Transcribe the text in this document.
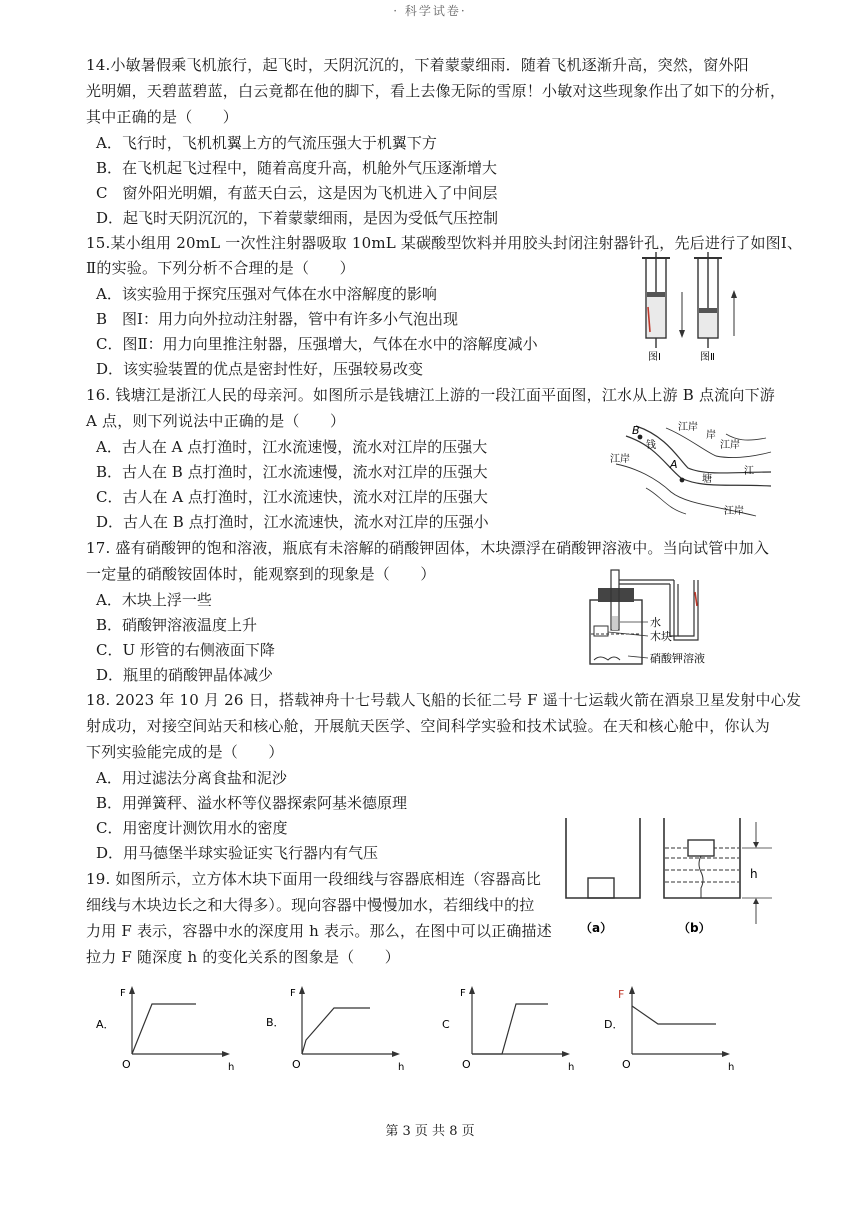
· 科学试卷·
14.小敏暑假乘飞机旅行，起飞时，天阴沉沉的，下着蒙蒙细雨．随着飞机逐渐升高，突然，窗外阳
光明媚，天碧蓝碧蓝，白云竟都在他的脚下，看上去像无际的雪原！小敏对这些现象作出了如下的分析，
其中正确的是（　　）
A．飞行时，飞机机翼上方的气流压强大于机翼下方
B．在飞机起飞过程中，随着高度升高，机舱外气压逐渐增大
C　窗外阳光明媚，有蓝天白云，这是因为飞机进入了中间层
D．起飞时天阴沉沉的，下着蒙蒙细雨，是因为受低气压控制
15.某小组用 20mL 一次性注射器吸取 10mL 某碳酸型饮料并用胶头封闭注射器针孔，先后进行了如图Ⅰ、
Ⅱ的实验。下列分析不合理的是（　　）
A．该实验用于探究压强对气体在水中溶解度的影响
B　图Ⅰ：用力向外拉动注射器，管中有许多小气泡出现
C．图Ⅱ：用力向里推注射器，压强增大，气体在水中的溶解度减小
D．该实验装置的优点是密封性好，压强较易改变
图Ⅰ	图Ⅱ
16. 钱塘江是浙江人民的母亲河。如图所示是钱塘江上游的一段江面平面图，江水从上游 B 点流向下游
A 点，则下列说法中正确的是（　　）
A．古人在 A 点打渔时，江水流速慢，流水对江岸的压强大
B．古人在 B 点打渔时，江水流速慢，流水对江岸的压强大
C．古人在 A 点打渔时，江水流速快，流水对江岸的压强大
D．古人在 B 点打渔时，江水流速快，流水对江岸的压强小
B
A
钱
塘
江
江岸
江岸
江岸
岸
江岸
17. 盛有硝酸钾的饱和溶液，瓶底有未溶解的硝酸钾固体，木块漂浮在硝酸钾溶液中。当向试管中加入
一定量的硝酸铵固体时，能观察到的现象是（　　）
A．木块上浮一些
B．硝酸钾溶液温度上升
C．U 形管的右侧液面下降
D．瓶里的硝酸钾晶体减少
水
木块
硝酸钾溶液
18. 2023 年 10 月 26 日，搭载神舟十七号载人飞船的长征二号 F 遥十七运载火箭在酒泉卫星发射中心发
射成功，对接空间站天和核心舱，开展航天医学、空间科学实验和技术试验。在天和核心舱中，你认为
下列实验能完成的是（　　）
A．用过滤法分离食盐和泥沙
B．用弹簧秤、溢水杯等仪器探索阿基米德原理
C．用密度计测饮用水的密度
D．用马德堡半球实验证实飞行器内有气压
19. 如图所示，立方体木块下面用一段细线与容器底相连（容器高比
细线与木块边长之和大得多）。现向容器中慢慢加水，若细线中的拉
力用 F 表示，容器中水的深度用 h 表示。那么，在图中可以正确描述
拉力 F 随深度 h 的变化关系的图象是（　　）
h
（a）	（b）
A．
F
O	h
B．
F
O	h
C
F
O	h
D．
F
O	h
第 3 页 共 8 页
